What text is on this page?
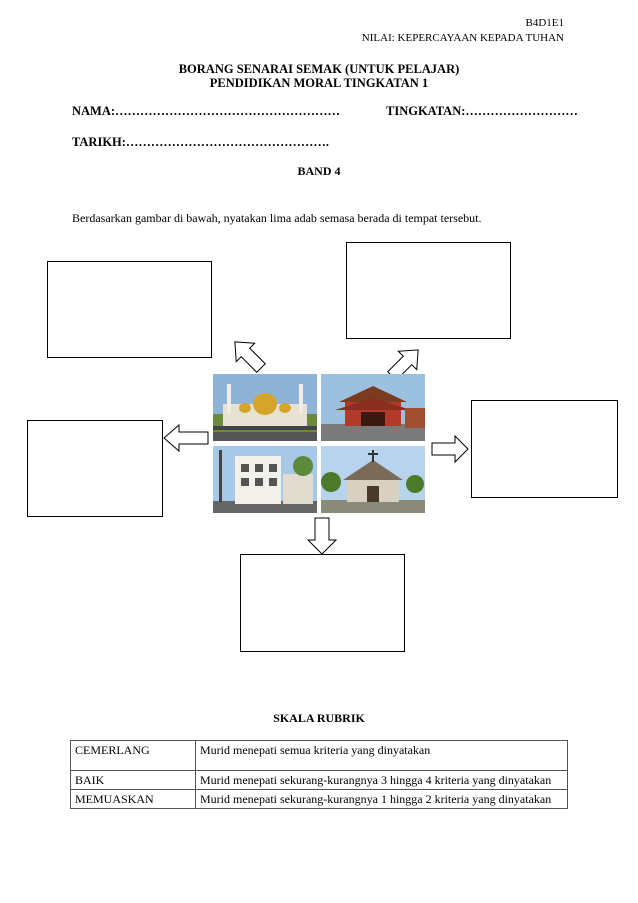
B4D1E1
NILAI: KEPERCAYAAN KEPADA TUHAN
BORANG SENARAI SEMAK (UNTUK PELAJAR)
PENDIDIKAN MORAL TINGKATAN 1
NAMA:………………………………………………	TINGKATAN:………………………
TARIKH:………………………………………….
BAND 4
Berdasarkan gambar di bawah, nyatakan lima adab semasa berada di tempat tersebut.
SKALA RUBRIK
CEMERLANG	Murid menepati semua kriteria yang dinyatakan
BAIK	Murid menepati sekurang-kurangnya 3 hingga 4 kriteria yang dinyatakan
MEMUASKAN	Murid menepati sekurang-kurangnya 1 hingga 2 kriteria yang dinyatakan
